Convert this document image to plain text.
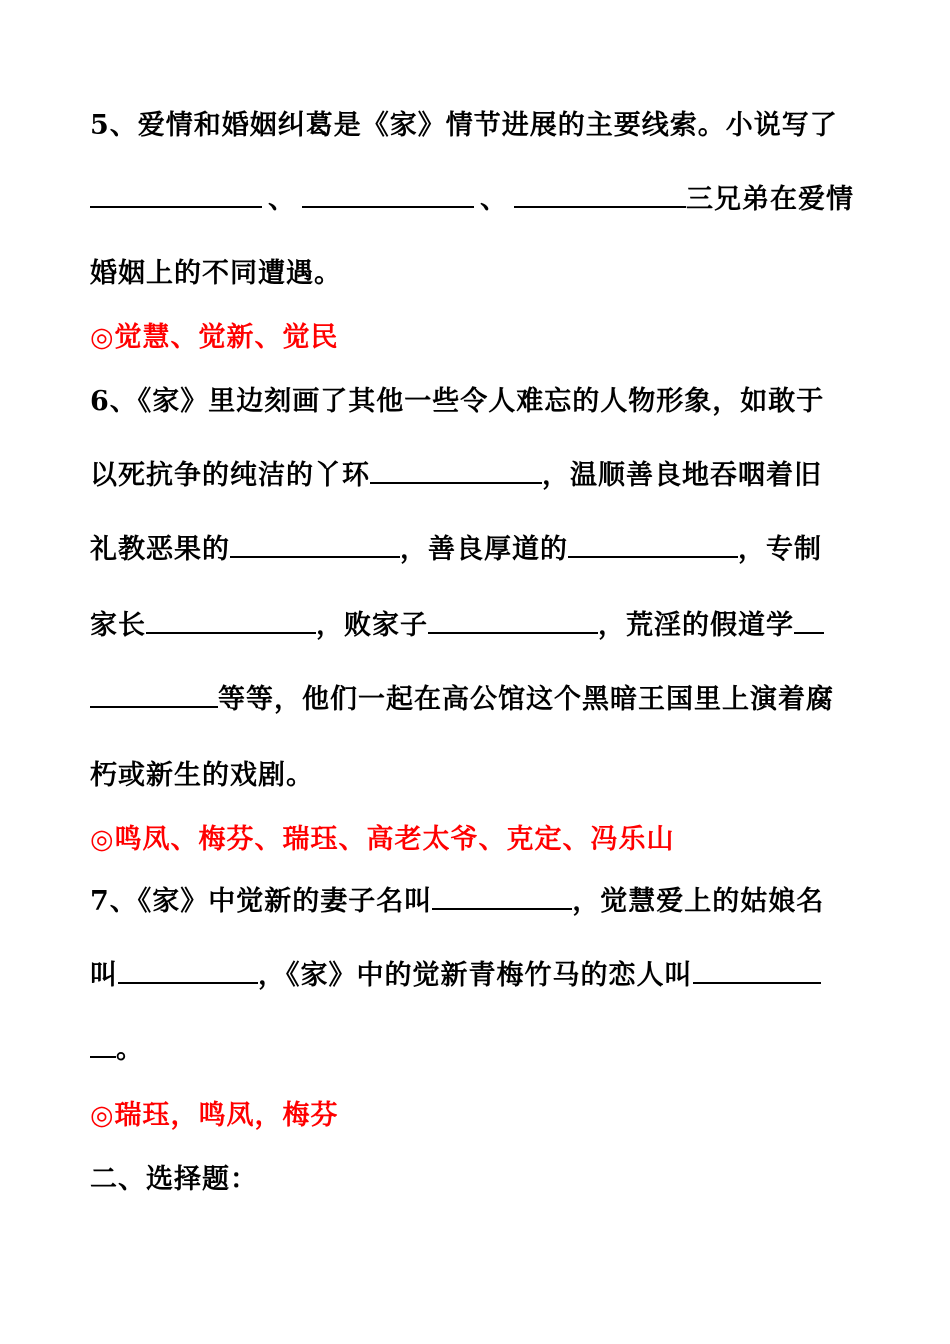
5、爱情和婚姻纠葛是《家》情节进展的主要线索。小说写了
、	、	三兄弟在爱情
婚姻上的不同遭遇。
◎觉慧、觉新、觉民
6、《家》里边刻画了其他一些令人难忘的人物形象，如敢于
以死抗争的纯洁的丫环	，温顺善良地吞咽着旧
礼教恶果的	，善良厚道的	，专制
家长	，败家子	，荒淫的假道学
等等，他们一起在高公馆这个黑暗王国里上演着腐
朽或新生的戏剧。
◎鸣凤、梅芬、瑞珏、高老太爷、克定、冯乐山
7、《家》中觉新的妻子名叫	，觉慧爱上的姑娘名
叫	，《家》中的觉新青梅竹马的恋人叫
。
◎瑞珏，鸣凤，梅芬
二、选择题：
